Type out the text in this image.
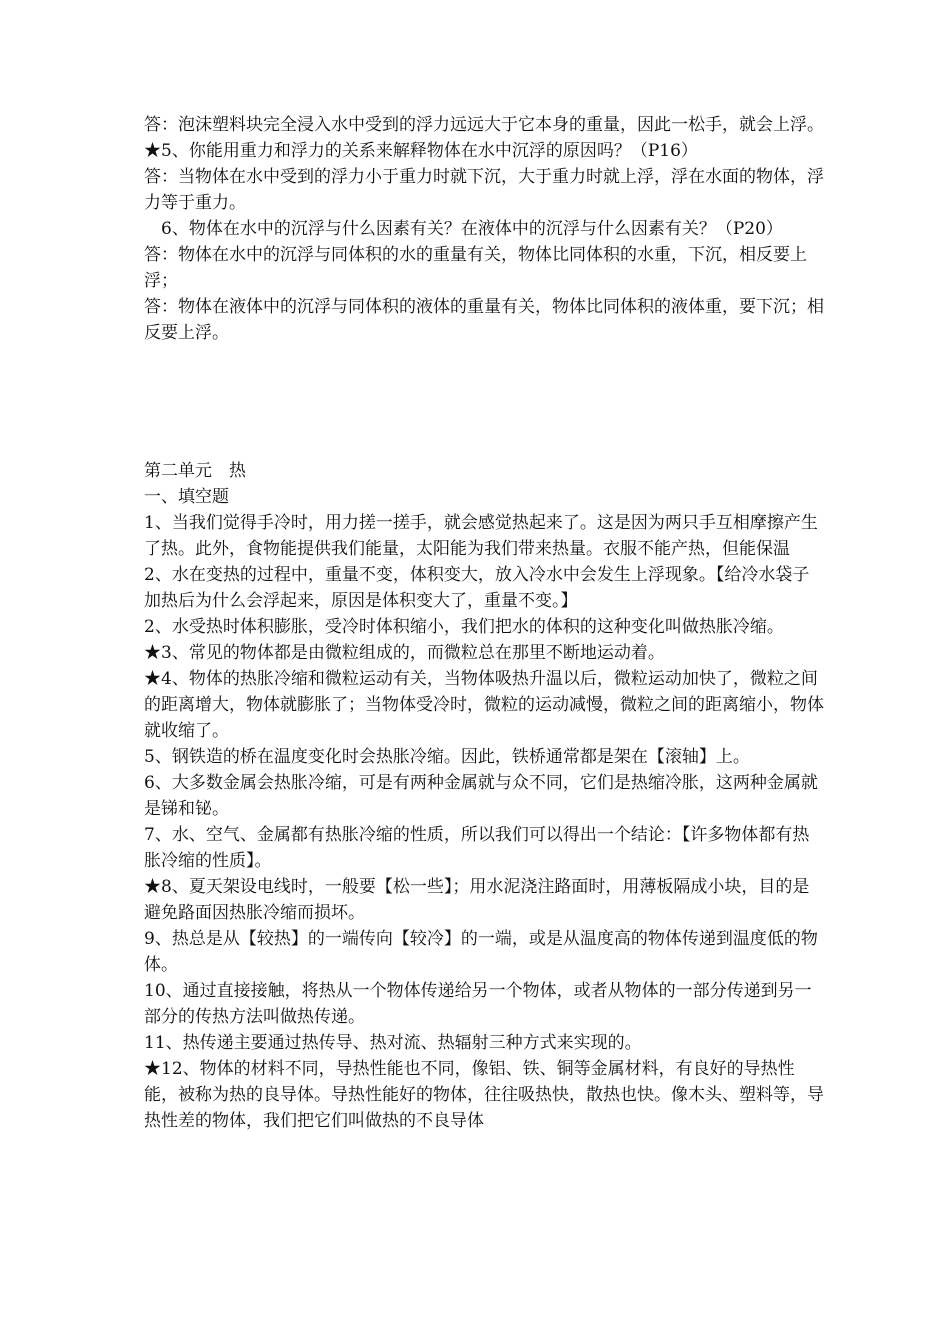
答：泡沫塑料块完全浸入水中受到的浮力远远大于它本身的重量，因此一松手，就会上浮。

★5、你能用重力和浮力的关系来解释物体在水中沉浮的原因吗？（P16）

答：当物体在水中受到的浮力小于重力时就下沉，大于重力时就上浮，浮在水面的物体，浮力等于重力。

　6、物体在水中的沉浮与什么因素有关？在液体中的沉浮与什么因素有关？（P20）

答：物体在水中的沉浮与同体积的水的重量有关，物体比同体积的水重，下沉，相反要上浮；

答：物体在液体中的沉浮与同体积的液体的重量有关，物体比同体积的液体重，要下沉；相反要上浮。

第二单元　热

一、填空题

1、当我们觉得手冷时，用力搓一搓手，就会感觉热起来了。这是因为两只手互相摩擦产生了热。此外，食物能提供我们能量，太阳能为我们带来热量。衣服不能产热，但能保温

2、水在变热的过程中，重量不变，体积变大，放入冷水中会发生上浮现象。【给冷水袋子加热后为什么会浮起来，原因是体积变大了，重量不变。】

2、水受热时体积膨胀，受冷时体积缩小，我们把水的体积的这种变化叫做热胀冷缩。

★3、常见的物体都是由微粒组成的，而微粒总在那里不断地运动着。

★4、物体的热胀冷缩和微粒运动有关，当物体吸热升温以后，微粒运动加快了，微粒之间的距离增大，物体就膨胀了；当物体受冷时，微粒的运动减慢，微粒之间的距离缩小，物体就收缩了。

5、钢铁造的桥在温度变化时会热胀冷缩。因此，铁桥通常都是架在【滚轴】上。

6、大多数金属会热胀冷缩，可是有两种金属就与众不同，它们是热缩冷胀，这两种金属就是锑和铋。

7、水、空气、金属都有热胀冷缩的性质，所以我们可以得出一个结论：【许多物体都有热胀冷缩的性质】。

★8、夏天架设电线时，一般要【松一些】；用水泥浇注路面时，用薄板隔成小块，目的是避免路面因热胀冷缩而损坏。

9、热总是从【较热】的一端传向【较冷】的一端，或是从温度高的物体传递到温度低的物体。

10、通过直接接触，将热从一个物体传递给另一个物体，或者从物体的一部分传递到另一部分的传热方法叫做热传递。

11、热传递主要通过热传导、热对流、热辐射三种方式来实现的。

★12、物体的材料不同，导热性能也不同，像铝、铁、铜等金属材料，有良好的导热性能，被称为热的良导体。导热性能好的物体，往往吸热快，散热也快。像木头、塑料等，导热性差的物体，我们把它们叫做热的不良导体
